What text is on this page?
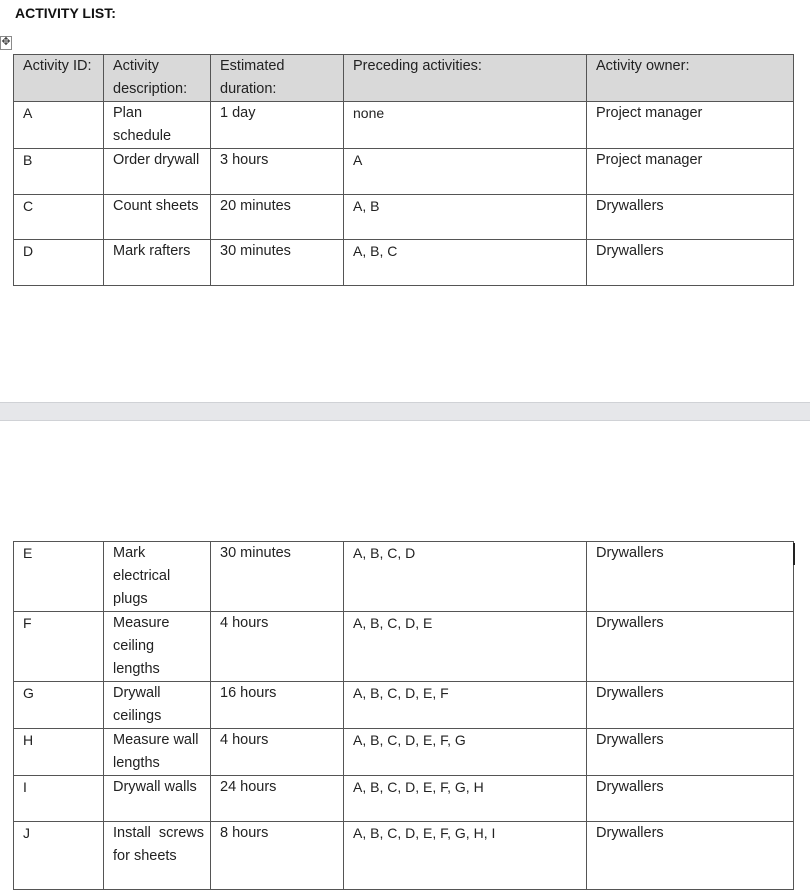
ACTIVITY LIST:
✥
Activity ID:	Activity description:	Estimated duration:	Preceding activities:	Activity owner:
A	Plan schedule	1 day	none	Project manager
B	Order drywall	3 hours	A	Project manager
C	Count sheets	20 minutes	A, B	Drywallers
D	Mark rafters	30 minutes	A, B, C	Drywallers
E	Mark electrical plugs	30 minutes	A, B, C, D	Drywallers
F	Measure ceiling lengths	4 hours	A, B, C, D, E	Drywallers
G	Drywall ceilings	16 hours	A, B, C, D, E, F	Drywallers
H	Measure wall lengths	4 hours	A, B, C, D, E, F, G	Drywallers
I	Drywall walls	24 hours	A, B, C, D, E, F, G, H	Drywallers
J	Install screws for sheets	8 hours	A, B, C, D, E, F, G, H, I	Drywallers
